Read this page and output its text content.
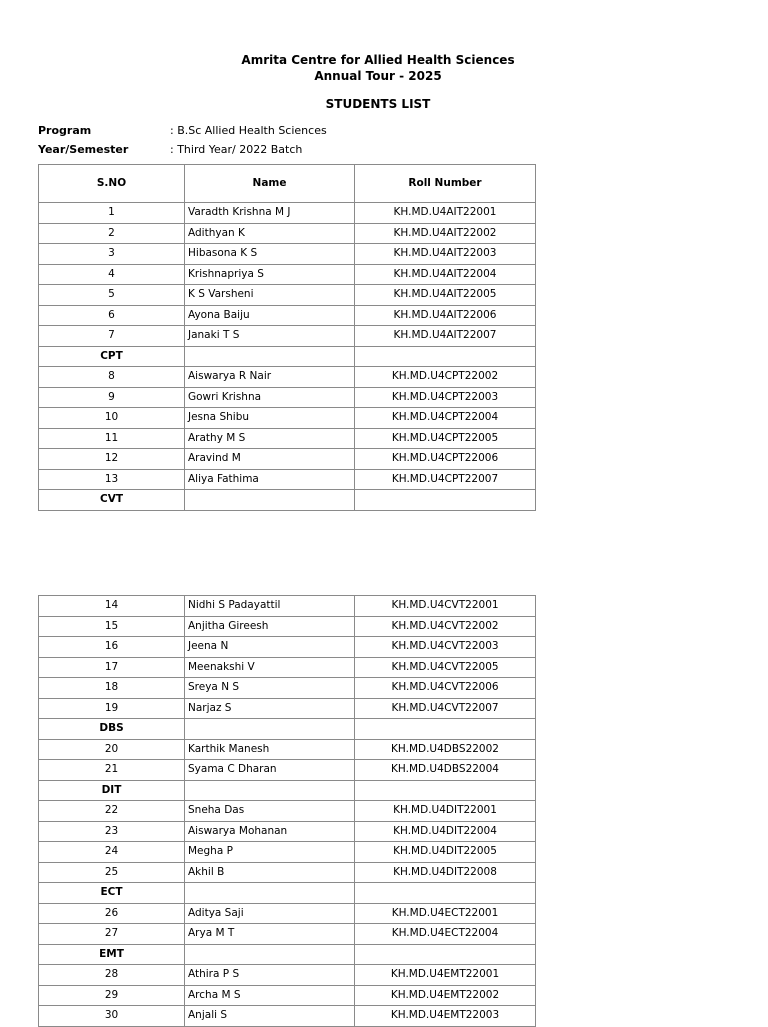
Amrita Centre for Allied Health Sciences
Annual Tour - 2025
STUDENTS LIST
Program	: B.Sc Allied Health Sciences
Year/Semester	: Third Year/ 2022 Batch
S.NO	Name	Roll Number
1	Varadth Krishna M J	KH.MD.U4AIT22001
2	Adithyan K	KH.MD.U4AIT22002
3	Hibasona K S	KH.MD.U4AIT22003
4	Krishnapriya S	KH.MD.U4AIT22004
5	K S Varsheni	KH.MD.U4AIT22005
6	Ayona Baiju	KH.MD.U4AIT22006
7	Janaki T S	KH.MD.U4AIT22007
CPT		
8	Aiswarya R Nair	KH.MD.U4CPT22002
9	Gowri Krishna	KH.MD.U4CPT22003
10	Jesna Shibu	KH.MD.U4CPT22004
11	Arathy M S	KH.MD.U4CPT22005
12	Aravind M	KH.MD.U4CPT22006
13	Aliya Fathima	KH.MD.U4CPT22007
CVT		
14	Nidhi S Padayattil	KH.MD.U4CVT22001
15	Anjitha Gireesh	KH.MD.U4CVT22002
16	Jeena N	KH.MD.U4CVT22003
17	Meenakshi V	KH.MD.U4CVT22005
18	Sreya N S	KH.MD.U4CVT22006
19	Narjaz S	KH.MD.U4CVT22007
DBS		
20	Karthik Manesh	KH.MD.U4DBS22002
21	Syama C Dharan	KH.MD.U4DBS22004
DIT		
22	Sneha Das	KH.MD.U4DIT22001
23	Aiswarya Mohanan	KH.MD.U4DIT22004
24	Megha P	KH.MD.U4DIT22005
25	Akhil B	KH.MD.U4DIT22008
ECT		
26	Aditya Saji	KH.MD.U4ECT22001
27	Arya M T	KH.MD.U4ECT22004
EMT		
28	Athira P S	KH.MD.U4EMT22001
29	Archa M S	KH.MD.U4EMT22002
30	Anjali S	KH.MD.U4EMT22003
